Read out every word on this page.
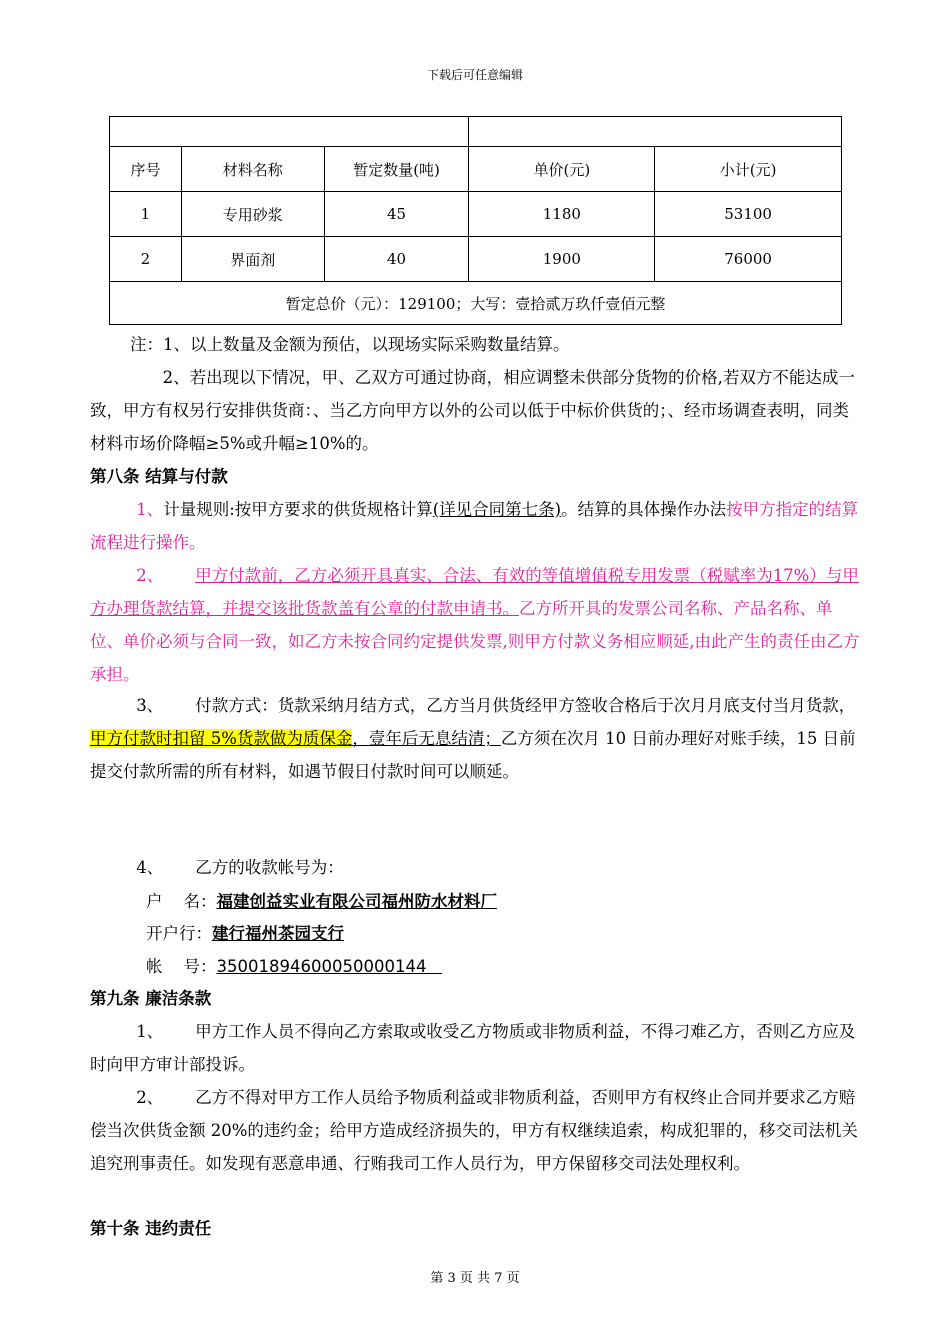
下载后可任意编辑

序号	材料名称	暂定数量(吨)	单价(元)	小计(元)
1	专用砂浆	45	1180	53100
2	界面剂	40	1900	76000
暂定总价（元）：129100；大写：壹拾贰万玖仟壹佰元整				
注：1、以上数量及金额为预估，以现场实际采购数量结算。
2、若出现以下情况，甲、乙双方可通过协商，相应调整未供部分货物的价格,若双方不能达成一致，甲方有权另行安排供货商：、当乙方向甲方以外的公司以低于中标价供货的；、经市场调查表明，同类材料市场价降幅≥5%或升幅≥10%的。
第八条 结算与付款
1、计量规则:按甲方要求的供货规格计算(详见合同第七条)。结算的具体操作办法按甲方指定的结算流程进行操作。
2、 甲方付款前，乙方必须开具真实、合法、有效的等值增值税专用发票（税赋率为17%）与甲方办理货款结算，并提交该批货款盖有公章的付款申请书。乙方所开具的发票公司名称、产品名称、单位、单价必须与合同一致，如乙方未按合同约定提供发票,则甲方付款义务相应顺延,由此产生的责任由乙方承担。
3、 付款方式：货款采纳月结方式，乙方当月供货经甲方签收合格后于次月月底支付当月货款，甲方付款时扣留 5%货款做为质保金，壹年后无息结清；乙方须在次月 10 日前办理好对账手续，15 日前提交付款所需的所有材料，如遇节假日付款时间可以顺延。
4、 乙方的收款帐号为：
户    名：福建创益实业有限公司福州防水材料厂
开户行：建行福州茶园支行
帐    号：35001894600050000144
第九条 廉洁条款
1、 甲方工作人员不得向乙方索取或收受乙方物质或非物质利益，不得刁难乙方，否则乙方应及时向甲方审计部投诉。
2、 乙方不得对甲方工作人员给予物质利益或非物质利益，否则甲方有权终止合同并要求乙方赔偿当次供货金额 20%的违约金；给甲方造成经济损失的，甲方有权继续追索，构成犯罪的，移交司法机关追究刑事责任。如发现有恶意串通、行贿我司工作人员行为，甲方保留移交司法处理权利。
第十条 违约责任
第 3 页 共 7 页
